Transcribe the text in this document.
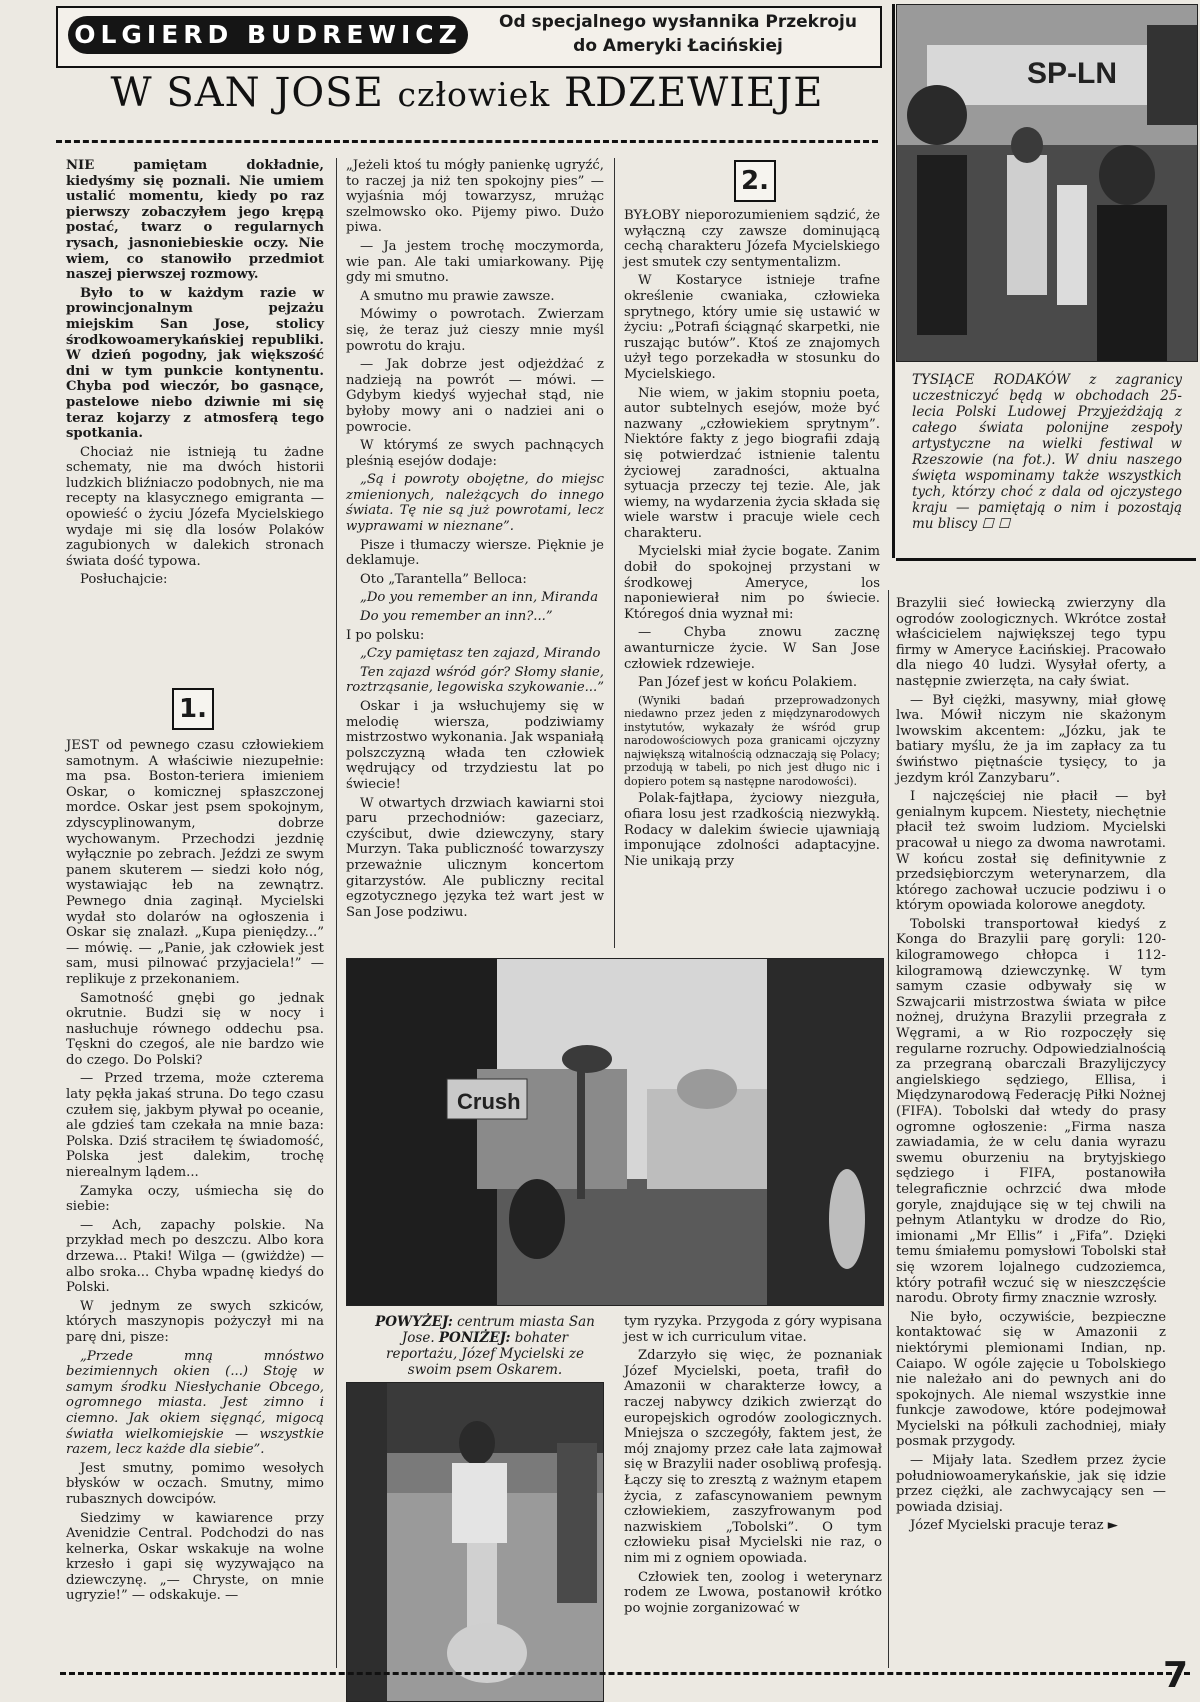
OLGIERD BUDREWICZ	Od specjalnego wysłannika Przekroju
do Ameryki Łacińskiej
W SAN JOSE człowiek RDZEWIEJE	SP-LN
TYSIĄCE RODAKÓW z zagranicy uczestniczyć będą w obchodach 25-lecia Polski Ludowej Przyjeżdżają z całego świata polonijne zespoły artystyczne na wielki festiwal w Rzeszowie (na fot.). W dniu naszego święta wspominamy także wszystkich tych, którzy choć z dala od ojczystego kraju — pamiętają o nim i pozostają mu bliscy ☐ ☐

NIE pamiętam dokładnie, kiedyśmy się poznali. Nie umiem ustalić momentu, kiedy po raz pierwszy zobaczyłem jego krępą postać, twarz o regularnych rysach, jasnoniebieskie oczy. Nie wiem, co stanowiło przedmiot naszej pierwszej rozmowy.

Było to w każdym razie w prowincjonalnym pejzażu miejskim San Jose, stolicy środkowoamerykańskiej republiki. W dzień pogodny, jak większość dni w tym punkcie kontynentu. Chyba pod wieczór, bo gasnące, pastelowe niebo dziwnie mi się teraz kojarzy z atmosferą tego spotkania.

Chociaż nie istnieją tu żadne schematy, nie ma dwóch historii ludzkich bliźniaczo podobnych, nie ma recepty na klasycznego emigranta — opowieść o życiu Józefa Mycielskiego wydaje mi się dla losów Polaków zagubionych w dalekich stronach świata dość typowa.

Posłuchajcie:

1.

JEST od pewnego czasu człowiekiem samotnym. A właściwie niezupełnie: ma psa. Boston-teriera imieniem Oskar, o komicznej spłaszczonej mordce. Oskar jest psem spokojnym, zdyscyplinowanym, dobrze wychowanym. Przechodzi jezdnię wyłącznie po zebrach. Jeździ ze swym panem skuterem — siedzi koło nóg, wystawiając łeb na zewnątrz. Pewnego dnia zaginął. Mycielski wydał sto dolarów na ogłoszenia i Oskar się znalazł. „Kupa pieniędzy...” — mówię. — „Panie, jak człowiek jest sam, musi pilnować przyjaciela!” — replikuje z przekonaniem.

Samotność gnębi go jednak okrutnie. Budzi się w nocy i nasłuchuje równego oddechu psa. Tęskni do czegoś, ale nie bardzo wie do czego. Do Polski?

— Przed trzema, może czterema laty pękła jakaś struna. Do tego czasu czułem się, jakbym pływał po oceanie, ale gdzieś tam czekała na mnie baza: Polska. Dziś straciłem tę świadomość, Polska jest dalekim, trochę nierealnym lądem...

Zamyka oczy, uśmiecha się do siebie:

— Ach, zapachy polskie. Na przykład mech po deszczu. Albo kora drzewa... Ptaki! Wilga — (gwiżdże) — albo sroka... Chyba wpadnę kiedyś do Polski.

W jednym ze swych szkiców, których maszynopis pożyczył mi na parę dni, pisze:

„Przede mną mnóstwo bezimiennych okien (...) Stoję w samym środku Niesłychanie Obcego, ogromnego miasta. Jest zimno i ciemno. Jak okiem sięgnąć, migocą światła wielkomiejskie — wszystkie razem, lecz każde dla siebie”.

Jest smutny, pomimo wesołych błysków w oczach. Smutny, mimo rubasznych dowcipów.

Siedzimy w kawiarence przy Avenidzie Central. Podchodzi do nas kelnerka, Oskar wskakuje na wolne krzesło i gapi się wyzywająco na dziewczynę. „— Chryste, on mnie ugryzie!” — odskakuje. —

„Jeżeli ktoś tu mógły panienkę ugryźć, to raczej ja niż ten spokojny pies” — wyjaśnia mój towarzysz, mrużąc szelmowsko oko. Pijemy piwo. Dużo piwa.

— Ja jestem trochę moczymorda, wie pan. Ale taki umiarkowany. Piję gdy mi smutno.

A smutno mu prawie zawsze.

Mówimy o powrotach. Zwierzam się, że teraz już cieszy mnie myśl powrotu do kraju.

— Jak dobrze jest odjeżdżać z nadzieją na powrót — mówi. — Gdybym kiedyś wyjechał stąd, nie byłoby mowy ani o nadziei ani o powrocie.

W którymś ze swych pachnących pleśnią esejów dodaje:

„Są i powroty obojętne, do miejsc zmienionych, należących do innego świata. Tę nie są już powrotami, lecz wyprawami w nieznane”.

Pisze i tłumaczy wiersze. Pięknie je deklamuje.

Oto „Tarantella” Belloca:

„Do you remember an inn, Miranda

Do you remember an inn?...”

I po polsku:

„Czy pamiętasz ten zajazd, Mirando

Ten zajazd wśród gór? Słomy słanie, roztrząsanie, legowiska szykowanie...”

Oskar i ja wsłuchujemy się w melodię wiersza, podziwiamy mistrzostwo wykonania. Jak wspaniałą polszczyzną włada ten człowiek wędrujący od trzydziestu lat po świecie!

W otwartych drzwiach kawiarni stoi paru przechodniów: gazeciarz, czyścibut, dwie dziewczyny, stary Murzyn. Taka publiczność towarzyszy przeważnie ulicznym koncertom gitarzystów. Ale publiczny recital egzotycznego języka też wart jest w San Jose podziwu.

2.

BYŁOBY nieporozumieniem sądzić, że wyłączną czy zawsze dominującą cechą charakteru Józefa Mycielskiego jest smutek czy sentymentalizm.

W Kostaryce istnieje trafne określenie cwaniaka, człowieka sprytnego, który umie się ustawić w życiu: „Potrafi ściągnąć skarpetki, nie ruszając butów”. Ktoś ze znajomych użył tego porzekadła w stosunku do Mycielskiego.

Nie wiem, w jakim stopniu poeta, autor subtelnych esejów, może być nazwany „człowiekiem sprytnym”. Niektóre fakty z jego biografii zdają się potwierdzać istnienie talentu życiowej zaradności, aktualna sytuacja przeczy tej tezie. Ale, jak wiemy, na wydarzenia życia składa się wiele warstw i pracuje wiele cech charakteru.

Mycielski miał życie bogate. Zanim dobił do spokojnej przystani w środkowej Ameryce, los naponiewierał nim po świecie. Któregoś dnia wyznał mi:

— Chyba znowu zacznę awanturnicze życie. W San Jose człowiek rdzewieje.

Pan Józef jest w końcu Polakiem.

(Wyniki badań przeprowadzonych niedawno przez jeden z międzynarodowych instytutów, wykazały że wśród grup narodowościowych poza granicami ojczyzny największą witalnością odznaczają się Polacy; przodują w tabeli, po nich jest długo nic i dopiero potem są następne narodowości).

Polak-fajtłapa, życiowy niezguła, ofiara losu jest rzadkością niezwykłą. Rodacy w dalekim świecie ujawniają imponujące zdolności adaptacyjne. Nie unikają przy

Crush

Brazylii sieć łowiecką zwierzyny dla ogrodów zoologicznych. Wkrótce został właścicielem największej tego typu firmy w Ameryce Łacińskiej. Pracowało dla niego 40 ludzi. Wysyłał oferty, a następnie zwierzęta, na cały świat.

— Był ciężki, masywny, miał głowę lwa. Mówił niczym nie skażonym lwowskim akcentem: „Józku, jak te batiary myślu, że ja im zapłacy za tu świństwo piętnaście tysięcy, to ja jezdym król Zanzybaru”.

I najczęściej nie płacił — był genialnym kupcem. Niestety, niechętnie płacił też swoim ludziom. Mycielski pracował u niego za dwoma nawrotami. W końcu został się definitywnie z przedsiębiorczym weterynarzem, dla którego zachował uczucie podziwu i o którym opowiada kolorowe anegdoty.

Tobolski transportował kiedyś z Konga do Brazylii parę goryli: 120-kilogramowego chłopca i 112-kilogramową dziewczynkę. W tym samym czasie odbywały się w Szwajcarii mistrzostwa świata w piłce nożnej, drużyna Brazylii przegrała z Węgrami, a w Rio rozpoczęły się regularne rozruchy. Odpowiedzialnością za przegraną obarczali Brazylijczycy angielskiego sędziego, Ellisa, i Międzynarodową Federację Piłki Nożnej (FIFA). Tobolski dał wtedy do prasy ogromne ogłoszenie: „Firma nasza zawiadamia, że w celu dania wyrazu swemu oburzeniu na brytyjskiego sędziego i FIFA, postanowiła telegraficznie ochrzcić dwa młode goryle, znajdujące się w tej chwili na pełnym Atlantyku w drodze do Rio, imionami „Mr Ellis” i „Fifa”. Dzięki temu śmiałemu pomysłowi Tobolski stał się wzorem lojalnego cudzoziemca, który potrafił wczuć się w nieszczęście narodu. Obroty firmy znacznie wzrosły.

Nie było, oczywiście, bezpieczne kontaktować się w Amazonii z niektórymi plemionami Indian, np. Caiapo. W ogóle zajęcie u Tobolskiego nie należało ani do pewnych ani do spokojnych. Ale niemal wszystkie inne funkcje zawodowe, które podejmował Mycielski na półkuli zachodniej, miały posmak przygody.

— Mijały lata. Szedłem przez życie południowoamerykańskie, jak się idzie przez ciężki, ale zachwycający sen — powiada dzisiaj.

Józef Mycielski pracuje teraz ►

POWYŻEJ: centrum miasta San Jose. PONIŻEJ: bohater reportażu, Józef Mycielski ze swoim psem Oskarem.

tym ryzyka. Przygoda z góry wypisana jest w ich curriculum vitae.

Zdarzyło się więc, że poznaniak Józef Mycielski, poeta, trafił do Amazonii w charakterze łowcy, a raczej nabywcy dzikich zwierząt do europejskich ogrodów zoologicznych. Mniejsza o szczegóły, faktem jest, że mój znajomy przez całe lata zajmował się w Brazylii nader osobliwą profesją. Łączy się to zresztą z ważnym etapem życia, z zafascynowaniem pewnym człowiekiem, zaszyfrowanym pod nazwiskiem „Tobolski”. O tym człowieku pisał Mycielski nie raz, o nim mi z ogniem opowiada.

Człowiek ten, zoolog i weterynarz rodem ze Lwowa, postanowił krótko po wojnie zorganizować w

7
